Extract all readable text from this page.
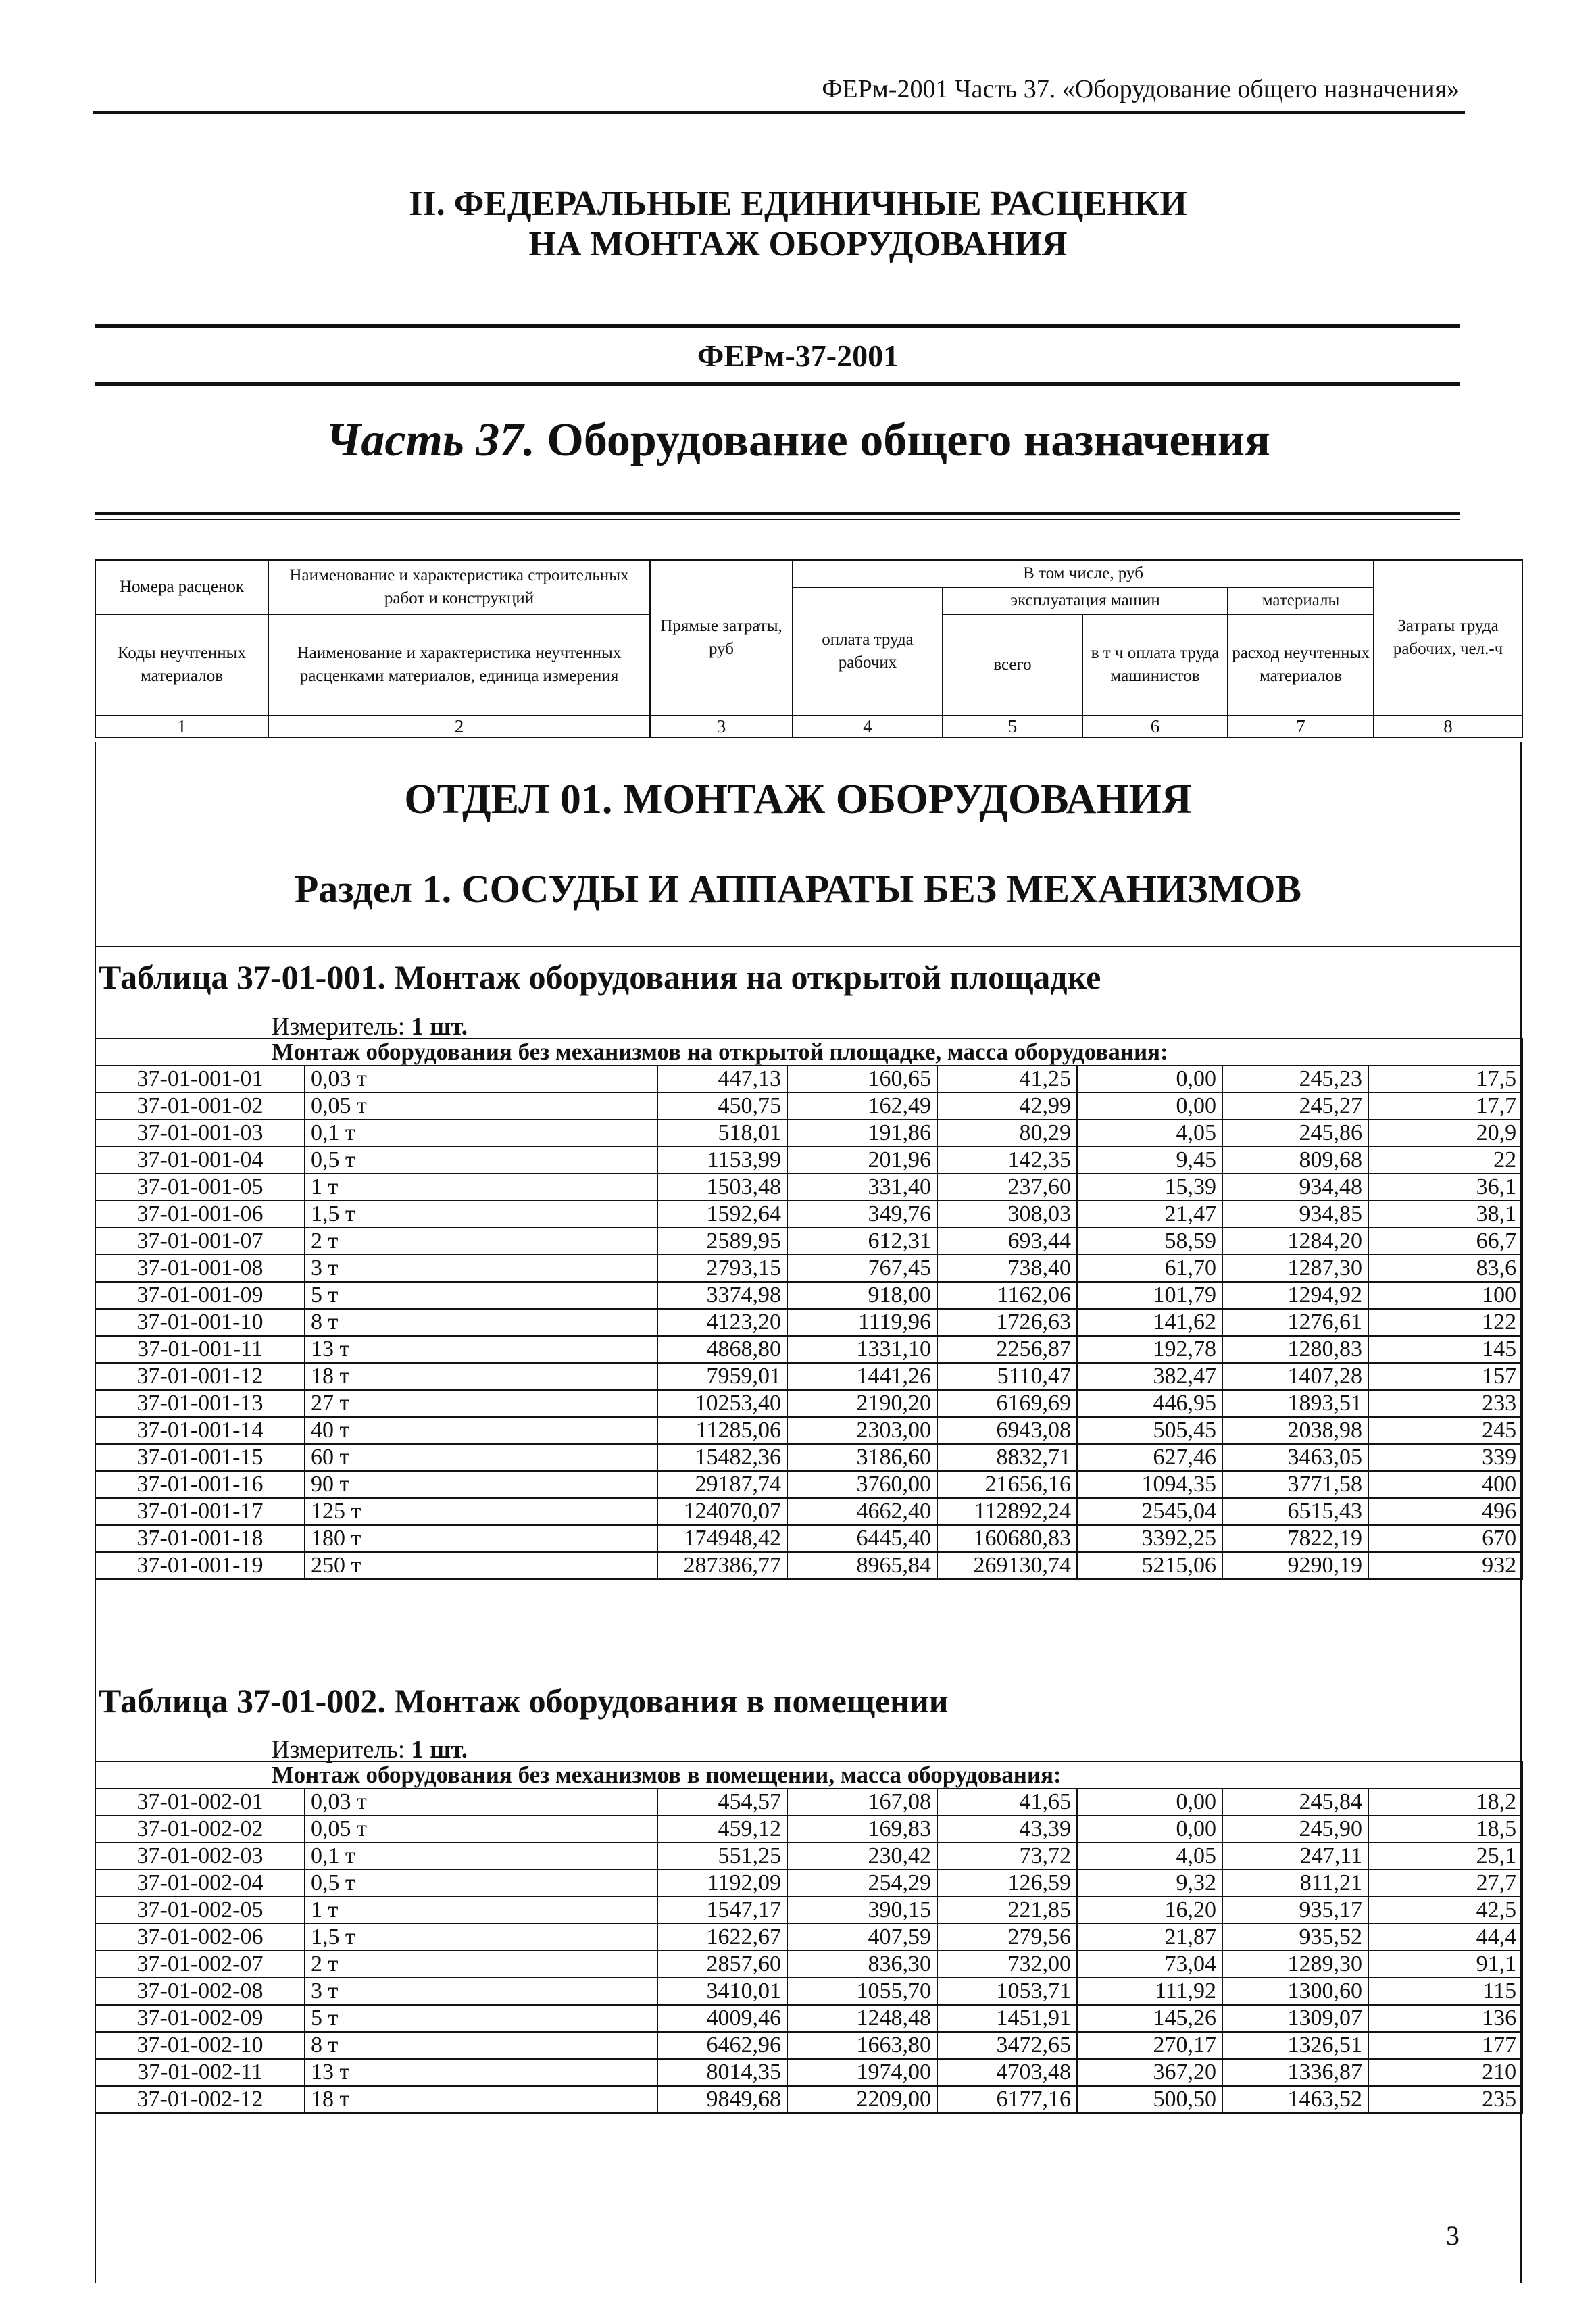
ФЕРм-2001 Часть 37. «Оборудование общего назначения»
II. ФЕДЕРАЛЬНЫЕ ЕДИНИЧНЫЕ РАСЦЕНКИ
НА МОНТАЖ ОБОРУДОВАНИЯ
ФЕРм-37-2001
Часть 37. Оборудование общего назначения
Номера расценок	Наименование и характеристика строительных работ и конструкций	Прямые затраты, руб	В том числе, руб				Затраты труда рабочих, чел.-ч
			оплата труда рабочих	эксплуатация машин		материалы	
Коды неучтенных материалов	Наименование и характеристика неучтенных расценками материалов, единица измерения			всего	в т ч оплата труда машинистов	расход неучтенных материалов	

1	2	3	4	5	6	7	8
ОТДЕЛ 01. МОНТАЖ ОБОРУДОВАНИЯ
Раздел 1. СОСУДЫ И АППАРАТЫ БЕЗ МЕХАНИЗМОВ
Таблица 37-01-001. Монтаж оборудования на открытой площадке
Измеритель: 1 шт.
Монтаж оборудования без механизмов на открытой площадке, масса оборудования:							
37-01-001-01	0,03 т	447,13	160,65	41,25	0,00	245,23	17,5
37-01-001-02	0,05 т	450,75	162,49	42,99	0,00	245,27	17,7
37-01-001-03	0,1 т	518,01	191,86	80,29	4,05	245,86	20,9
37-01-001-04	0,5 т	1153,99	201,96	142,35	9,45	809,68	22
37-01-001-05	1 т	1503,48	331,40	237,60	15,39	934,48	36,1
37-01-001-06	1,5 т	1592,64	349,76	308,03	21,47	934,85	38,1
37-01-001-07	2 т	2589,95	612,31	693,44	58,59	1284,20	66,7
37-01-001-08	3 т	2793,15	767,45	738,40	61,70	1287,30	83,6
37-01-001-09	5 т	3374,98	918,00	1162,06	101,79	1294,92	100
37-01-001-10	8 т	4123,20	1119,96	1726,63	141,62	1276,61	122
37-01-001-11	13 т	4868,80	1331,10	2256,87	192,78	1280,83	145
37-01-001-12	18 т	7959,01	1441,26	5110,47	382,47	1407,28	157
37-01-001-13	27 т	10253,40	2190,20	6169,69	446,95	1893,51	233
37-01-001-14	40 т	11285,06	2303,00	6943,08	505,45	2038,98	245
37-01-001-15	60 т	15482,36	3186,60	8832,71	627,46	3463,05	339
37-01-001-16	90 т	29187,74	3760,00	21656,16	1094,35	3771,58	400
37-01-001-17	125 т	124070,07	4662,40	112892,24	2545,04	6515,43	496
37-01-001-18	180 т	174948,42	6445,40	160680,83	3392,25	7822,19	670
37-01-001-19	250 т	287386,77	8965,84	269130,74	5215,06	9290,19	932
Таблица 37-01-002. Монтаж оборудования в помещении
Измеритель: 1 шт.
Монтаж оборудования без механизмов в помещении, масса оборудования:							
37-01-002-01	0,03 т	454,57	167,08	41,65	0,00	245,84	18,2
37-01-002-02	0,05 т	459,12	169,83	43,39	0,00	245,90	18,5
37-01-002-03	0,1 т	551,25	230,42	73,72	4,05	247,11	25,1
37-01-002-04	0,5 т	1192,09	254,29	126,59	9,32	811,21	27,7
37-01-002-05	1 т	1547,17	390,15	221,85	16,20	935,17	42,5
37-01-002-06	1,5 т	1622,67	407,59	279,56	21,87	935,52	44,4
37-01-002-07	2 т	2857,60	836,30	732,00	73,04	1289,30	91,1
37-01-002-08	3 т	3410,01	1055,70	1053,71	111,92	1300,60	115
37-01-002-09	5 т	4009,46	1248,48	1451,91	145,26	1309,07	136
37-01-002-10	8 т	6462,96	1663,80	3472,65	270,17	1326,51	177
37-01-002-11	13 т	8014,35	1974,00	4703,48	367,20	1336,87	210
37-01-002-12	18 т	9849,68	2209,00	6177,16	500,50	1463,52	235
3
